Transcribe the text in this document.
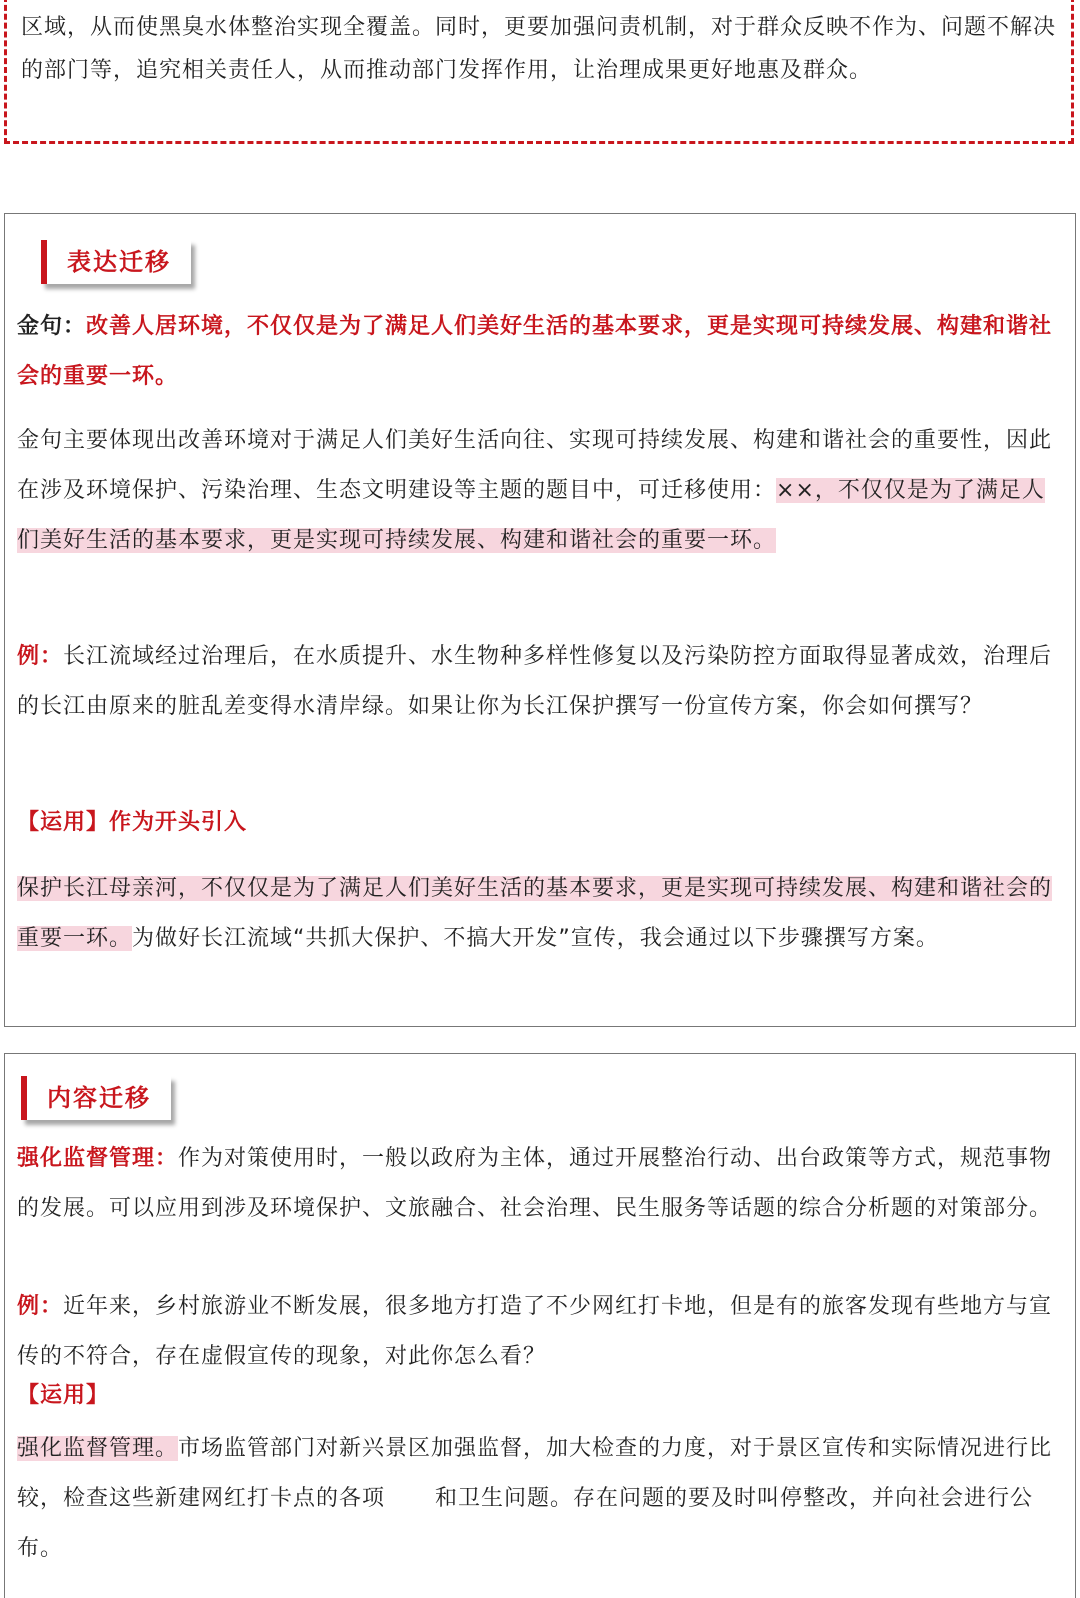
区域，从而使黑臭水体整治实现全覆盖。同时，更要加强问责机制，对于群众反映不作为、问题不解决的部门等，追究相关责任人，从而推动部门发挥作用，让治理成果更好地惠及群众。

表达迁移

金句：改善人居环境，不仅仅是为了满足人们美好生活的基本要求，更是实现可持续发展、构建和谐社会的重要一环。

金句主要体现出改善环境对于满足人们美好生活向往、实现可持续发展、构建和谐社会的重要性，因此在涉及环境保护、污染治理、生态文明建设等主题的题目中，可迁移使用：××，不仅仅是为了满足人们美好生活的基本要求，更是实现可持续发展、构建和谐社会的重要一环。

例：长江流域经过治理后，在水质提升、水生物种多样性修复以及污染防控方面取得显著成效，治理后的长江由原来的脏乱差变得水清岸绿。如果让你为长江保护撰写一份宣传方案，你会如何撰写？

【运用】作为开头引入

保护长江母亲河，不仅仅是为了满足人们美好生活的基本要求，更是实现可持续发展、构建和谐社会的重要一环。为做好长江流域“共抓大保护、不搞大开发”宣传，我会通过以下步骤撰写方案。

内容迁移

强化监督管理：作为对策使用时，一般以政府为主体，通过开展整治行动、出台政策等方式，规范事物的发展。可以应用到涉及环境保护、文旅融合、社会治理、民生服务等话题的综合分析题的对策部分。

例：近年来，乡村旅游业不断发展，很多地方打造了不少网红打卡地，但是有的旅客发现有些地方与宣传的不符合，存在虚假宣传的现象，对此你怎么看？

【运用】

强化监督管理。市场监管部门对新兴景区加强监督，加大检查的力度，对于景区宣传和实际情况进行比较，检查这些新建网红打卡点的各项 和卫生问题。存在问题的要及时叫停整改，并向社会进行公布。
